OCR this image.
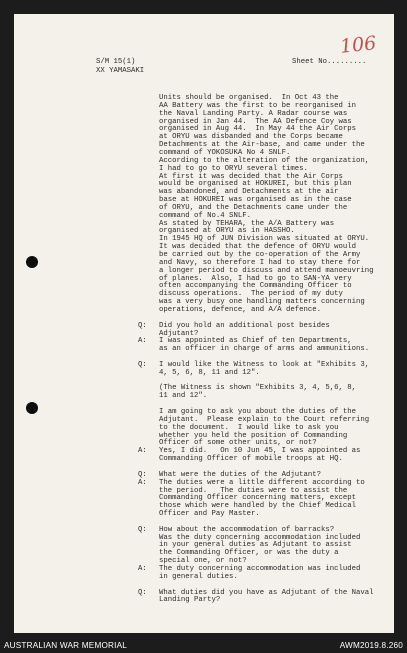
S/M 15(1)
XX YAMASAKI
Sheet No.........
106
Units should be organised.  In Oct 43 the
AA Battery was the first to be reorganised in
the Naval Landing Party. A Radar course was
organised in Jan 44.  The AA Defence Coy was
organised in Aug 44.  In May 44 the Air Corps
at ORYU was disbanded and the Corps became
Detachments at the Air-base, and came under the
command of YOKOSUKA No 4 SNLF.
According to the alteration of the organization,
I had to go to ORYU several times.
At first it was decided that the Air Corps
would be organised at HOKUREI, but this plan
was abandoned, and Detachments at the air
base at HOKUREI was organised as in the case
of ORYU, and the Detachments came under the
command of No.4 SNLF.
As stated by TEHARA, the A/A Battery was
organised at ORYU as in HASSHO.
In 1945 HQ of JUN Division was situated at ORYU.
It was decided that the defence of ORYU would
be carried out by the co-operation of the Army
and Navy, so therefore I had to stay there for
a longer period to discuss and attend manoeuvring
of planes.  Also, I had to go to SAN-YA very
often accompanying the Commanding Officer to
discuss operations.  The period of my duty
was a very busy one handling matters concerning
operations, defence, and A/A defence.
Q: Did you hold an additional post besides
Adjutant?
A: I was appointed as Chief of ten Departments,
as an officer in charge of arms and ammunitions.
Q: I would like the Witness to look at "Exhibits 3,
4, 5, 6, 8, 11 and 12".
(The Witness is shown "Exhibits 3, 4, 5,6, 8,
11 and 12".
I am going to ask you about the duties of the
Adjutant.  Please explain to the Court referring
to the document.  I would like to ask you
whether you held the position of Commanding
Officer of some other units, or not?
A: Yes, I did.   On 10 Jun 45, I was appointed as
Commanding Officer of mobile troops at HQ.
Q: What were the duties of the Adjutant?
A: The duties were a little different according to
the period.   The duties were to assist the
Commanding Officer concerning matters, except
those which were handled by the Chief Medical
Officer and Pay Master.
Q: How about the accommodation of barracks?
Was the duty concerning accommodation included
in your general duties as Adjutant to assist
the Commanding Officer, or was the duty a
special one, or not?
A: The duty concerning accommodation was included
in general duties.
Q: What duties did you have as Adjutant of the Naval
Landing Party?
AUSTRALIAN WAR MEMORIAL	AWM2019.8.260
